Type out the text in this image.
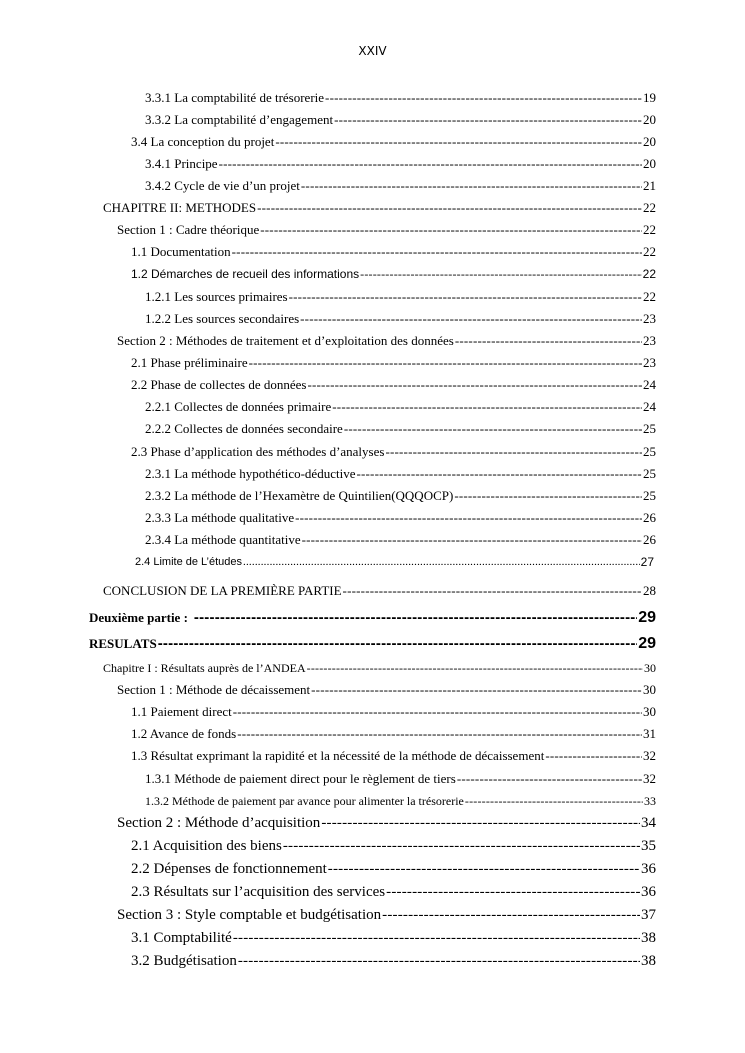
XXIV
3.3.1 La comptabilité de trésorerie -----	19
3.3.2 La comptabilité d’engagement -----	20
3.4 La conception du projet -----	20
3.4.1 Principe -----	20
3.4.2 Cycle de vie d’un projet -----	21
CHAPITRE II: METHODES -----	22
Section 1 : Cadre théorique -----	22
1.1 Documentation -----	22
1.2 Démarches de recueil des informations -----	22
1.2.1 Les sources primaires -----	22
1.2.2 Les sources secondaires -----	23
Section 2 : Méthodes de traitement et d’exploitation des données -----	23
2.1 Phase préliminaire -----	23
2.2 Phase de collectes de données -----	24
2.2.1 Collectes de données primaire -----	24
2.2.2 Collectes de données secondaire -----	25
2.3 Phase d’application des méthodes d’analyses -----	25
2.3.1 La méthode hypothético-déductive -----	25
2.3.2 La méthode de l’Hexamètre de Quintilien(QQQOCP) -----	25
2.3.3 La méthode qualitative -----	26
2.3.4 La méthode quantitative -----	26
2.4 Limite de L’études .....	27
CONCLUSION DE LA PREMIÈRE PARTIE -----	28
Deuxième partie : -----	29
RESULATS -----	29
Chapitre I : Résultats auprès de l’ANDEA -----	30
Section 1 : Méthode de décaissement -----	30
1.1 Paiement direct -----	30
1.2 Avance de fonds -----	31
1.3 Résultat exprimant la rapidité et la nécessité de la méthode de décaissement -----	32
1.3.1 Méthode de paiement direct pour le règlement de tiers -----	32
1.3.2 Méthode de paiement par avance pour alimenter la trésorerie -----	33
Section 2 : Méthode d’acquisition -----	34
2.1 Acquisition des biens -----	35
2.2 Dépenses de fonctionnement -----	36
2.3 Résultats sur l’acquisition des services -----	36
Section 3 : Style comptable et budgétisation -----	37
3.1 Comptabilité -----	38
3.2 Budgétisation -----	38
